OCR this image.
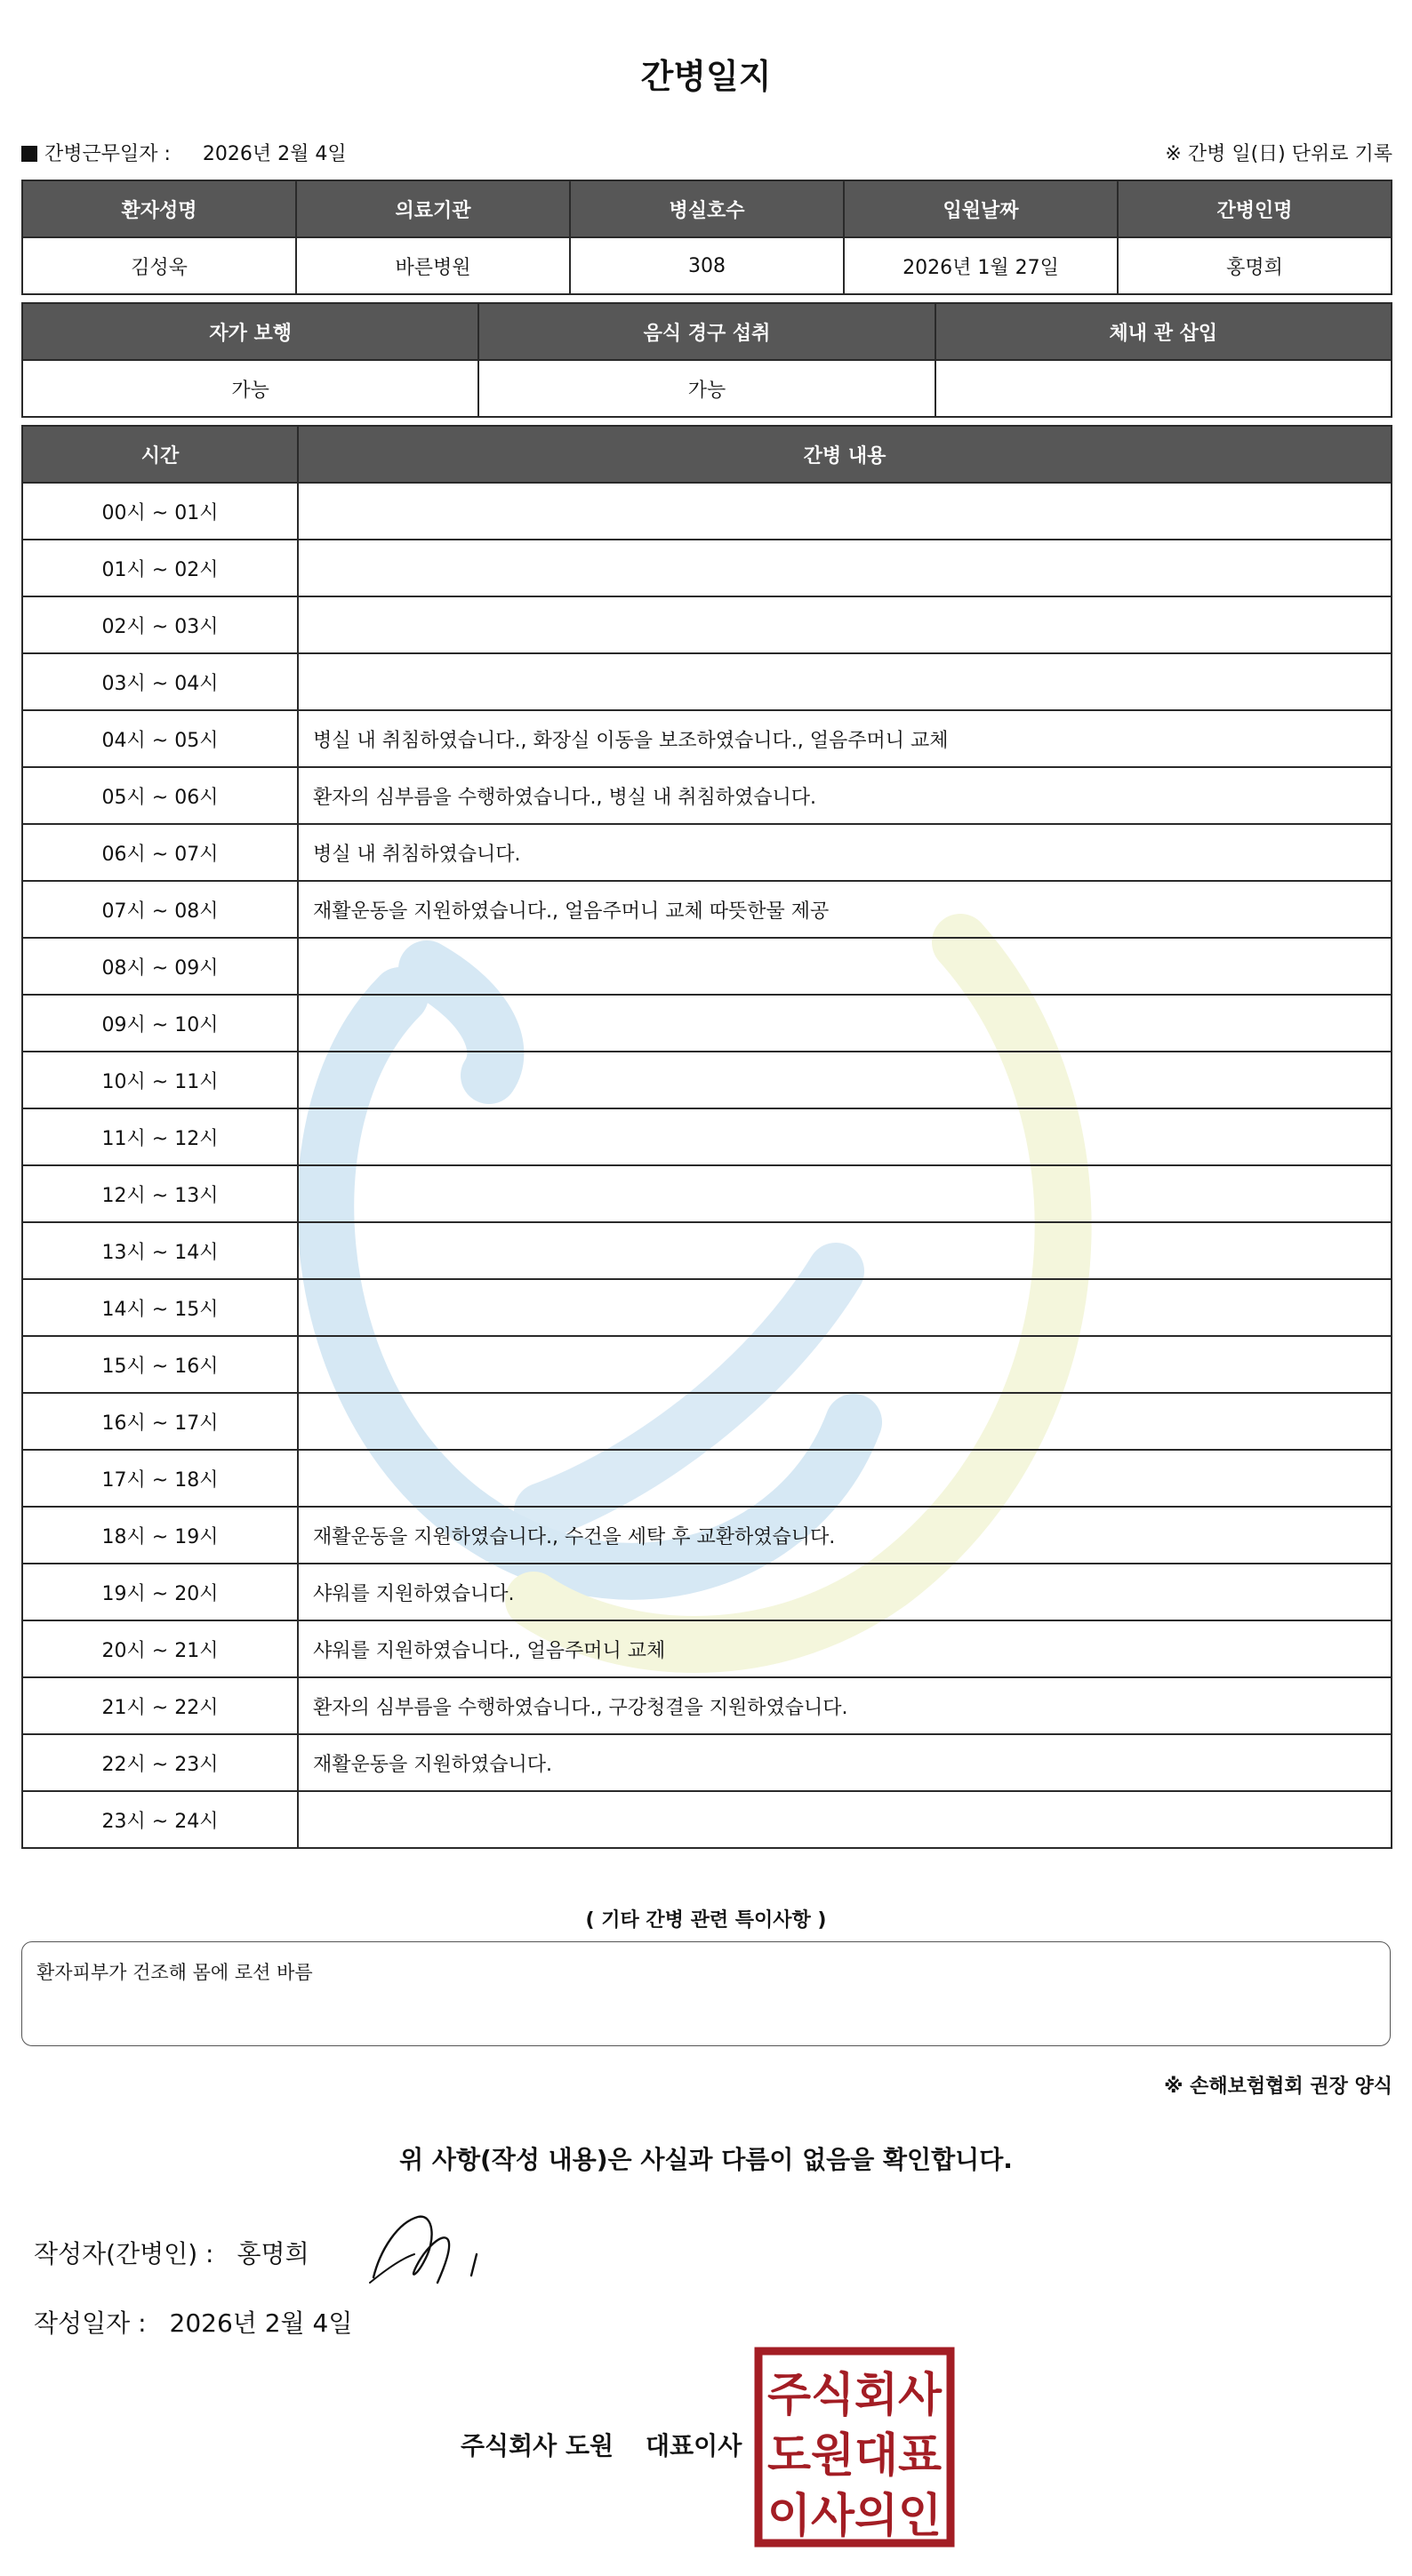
간병일지
간병근무일자 : 2026년 2월 4일	※ 간병 일(日) 단위로 기록
환자성명	의료기관	병실호수	입원날짜	간병인명
김성욱	바른병원	308	2026년 1월 27일	홍명희
자가 보행	음식 경구 섭취	체내 관 삽입
가능	가능	
시간	간병 내용
00시 ~ 01시	
01시 ~ 02시	
02시 ~ 03시	
03시 ~ 04시	
04시 ~ 05시	병실 내 취침하였습니다., 화장실 이동을 보조하였습니다., 얼음주머니 교체
05시 ~ 06시	환자의 심부름을 수행하였습니다., 병실 내 취침하였습니다.
06시 ~ 07시	병실 내 취침하였습니다.
07시 ~ 08시	재활운동을 지원하였습니다., 얼음주머니 교체 따뜻한물 제공
08시 ~ 09시	
09시 ~ 10시	
10시 ~ 11시	
11시 ~ 12시	
12시 ~ 13시	
13시 ~ 14시	
14시 ~ 15시	
15시 ~ 16시	
16시 ~ 17시	
17시 ~ 18시	
18시 ~ 19시	재활운동을 지원하였습니다., 수건을 세탁 후 교환하였습니다.
19시 ~ 20시	샤워를 지원하였습니다.
20시 ~ 21시	샤워를 지원하였습니다., 얼음주머니 교체
21시 ~ 22시	환자의 심부름을 수행하였습니다., 구강청결을 지원하였습니다.
22시 ~ 23시	재활운동을 지원하였습니다.
23시 ~ 24시	
( 기타 간병 관련 특이사항 )
환자피부가 건조해 몸에 로션 바름
※ 손해보험협회 권장 양식
위 사항(작성 내용)은 사실과 다름이 없음을 확인합니다.
작성자(간병인) : 홍명희
작성일자 : 2026년 2월 4일
주식회사 도원 대표이사
주식회사
도원대표
이사의인
